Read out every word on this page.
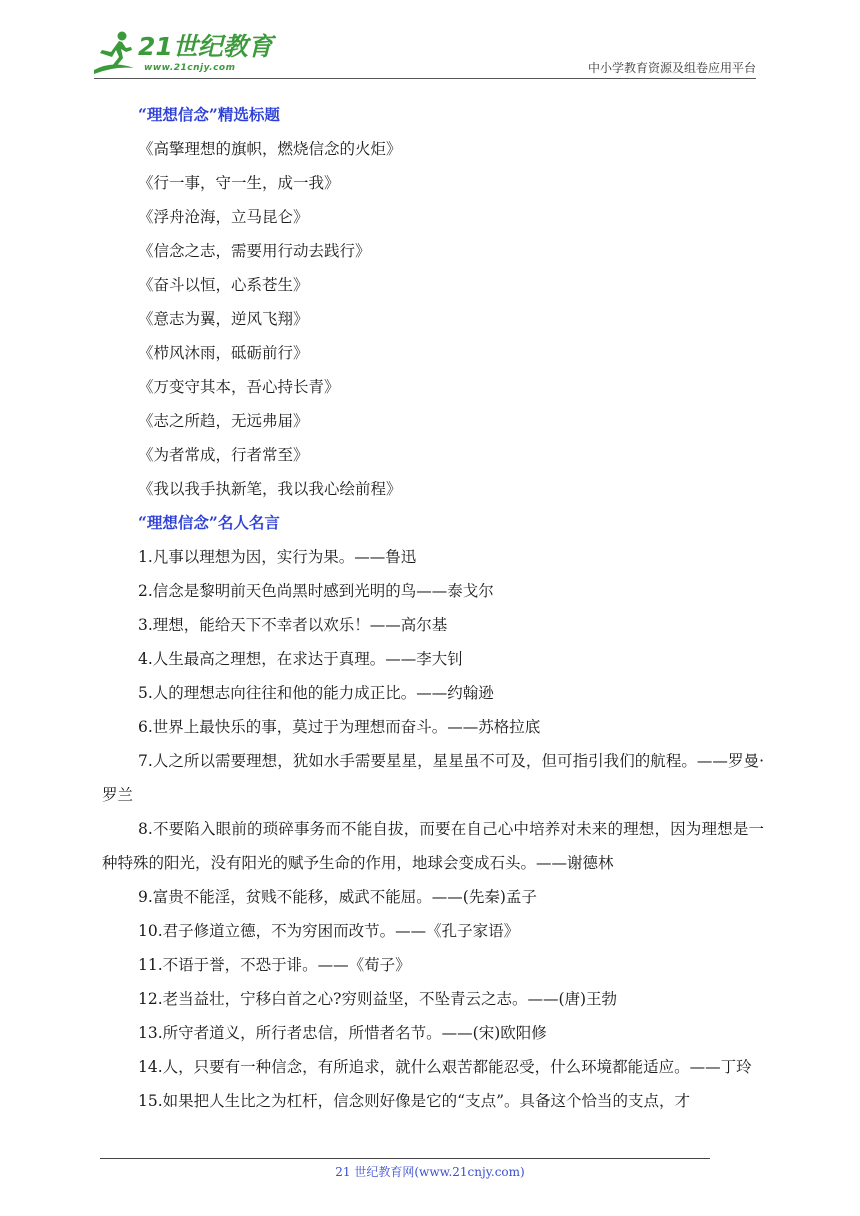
21世纪教育
www.21cnjy.com	中小学教育资源及组卷应用平台
“理想信念”精选标题
《高擎理想的旗帜，燃烧信念的火炬》
《行一事，守一生，成一我》
《浮舟沧海，立马昆仑》
《信念之志，需要用行动去践行》
《奋斗以恒，心系苍生》
《意志为翼，逆风飞翔》
《栉风沐雨，砥砺前行》
《万变守其本，吾心持长青》
《志之所趋，无远弗届》
《为者常成，行者常至》
《我以我手执新笔，我以我心绘前程》
“理想信念”名人名言
1.凡事以理想为因，实行为果。——鲁迅
2.信念是黎明前天色尚黑时感到光明的鸟——泰戈尔
3.理想，能给天下不幸者以欢乐！——高尔基
4.人生最高之理想，在求达于真理。——李大钊
5.人的理想志向往往和他的能力成正比。——约翰逊
6.世界上最快乐的事，莫过于为理想而奋斗。——苏格拉底
7.人之所以需要理想，犹如水手需要星星，星星虽不可及，但可指引我们的航程。——罗曼·罗兰
8.不要陷入眼前的琐碎事务而不能自拔，而要在自己心中培养对未来的理想，因为理想是一种特殊的阳光，没有阳光的赋予生命的作用，地球会变成石头。——谢德林
9.富贵不能淫，贫贱不能移，威武不能屈。——(先秦)孟子
10.君子修道立德，不为穷困而改节。——《孔子家语》
11.不语于誉，不恐于诽。——《荀子》
12.老当益壮，宁移白首之心?穷则益坚，不坠青云之志。——(唐)王勃
13.所守者道义，所行者忠信，所惜者名节。——(宋)欧阳修
14.人，只要有一种信念，有所追求，就什么艰苦都能忍受，什么环境都能适应。——丁玲
15.如果把人生比之为杠杆，信念则好像是它的“支点”。具备这个恰当的支点，才
21 世纪教育网(www.21cnjy.com)
